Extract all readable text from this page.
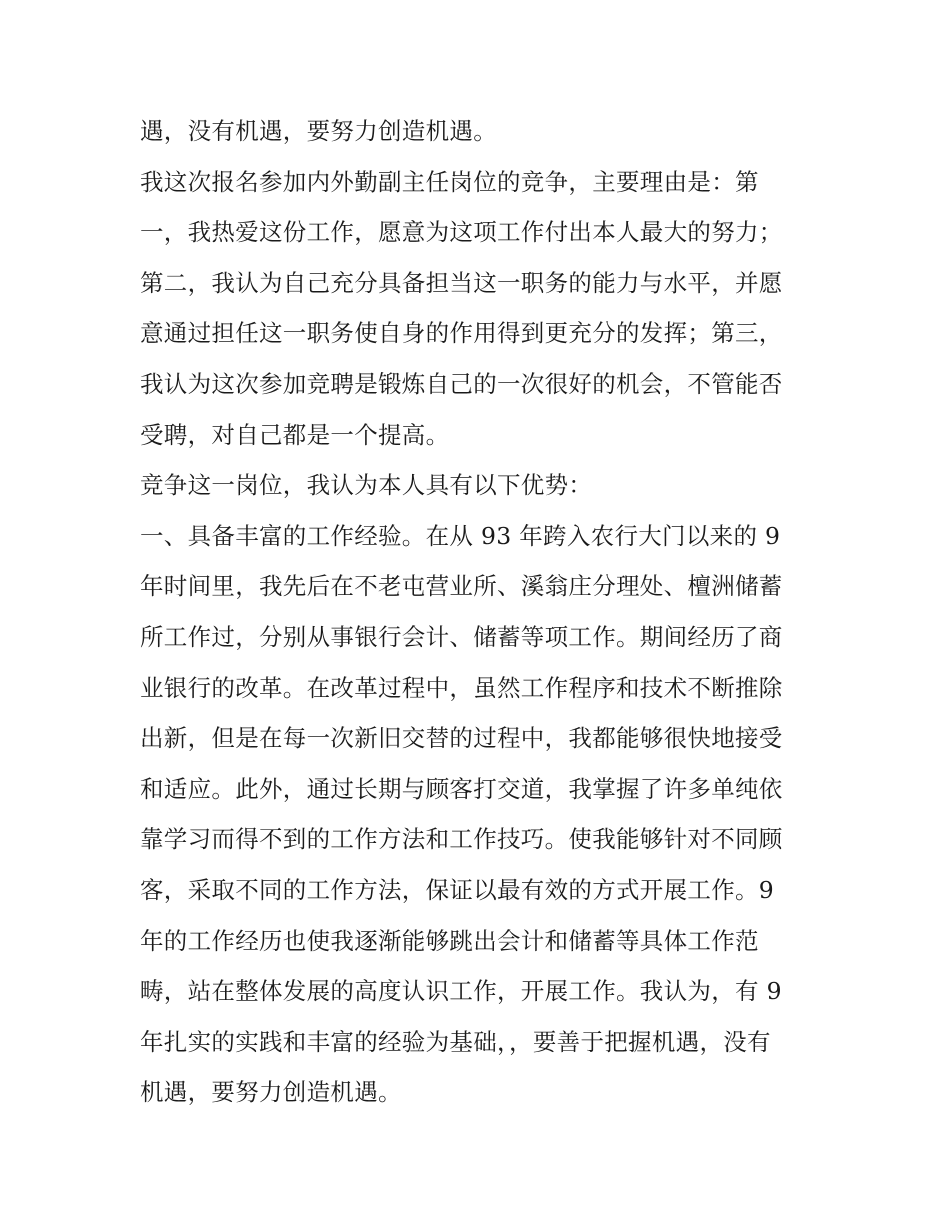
遇，没有机遇，要努力创造机遇。
我这次报名参加内外勤副主任岗位的竞争，主要理由是：第
一，我热爱这份工作，愿意为这项工作付出本人最大的努力；
第二，我认为自己充分具备担当这一职务的能力与水平，并愿
意通过担任这一职务使自身的作用得到更充分的发挥；第三，
我认为这次参加竞聘是锻炼自己的一次很好的机会，不管能否
受聘，对自己都是一个提高。
竞争这一岗位，我认为本人具有以下优势：
一、具备丰富的工作经验。在从 93 年跨入农行大门以来的 9
年时间里，我先后在不老屯营业所、溪翁庄分理处、檀洲储蓄
所工作过，分别从事银行会计、储蓄等项工作。期间经历了商
业银行的改革。在改革过程中，虽然工作程序和技术不断推除
出新，但是在每一次新旧交替的过程中，我都能够很快地接受
和适应。此外，通过长期与顾客打交道，我掌握了许多单纯依
靠学习而得不到的工作方法和工作技巧。使我能够针对不同顾
客，采取不同的工作方法，保证以最有效的方式开展工作。9
年的工作经历也使我逐渐能够跳出会计和储蓄等具体工作范
畴，站在整体发展的高度认识工作，开展工作。我认为，有 9
年扎实的实践和丰富的经验为基础，，要善于把握机遇，没有
机遇，要努力创造机遇。
